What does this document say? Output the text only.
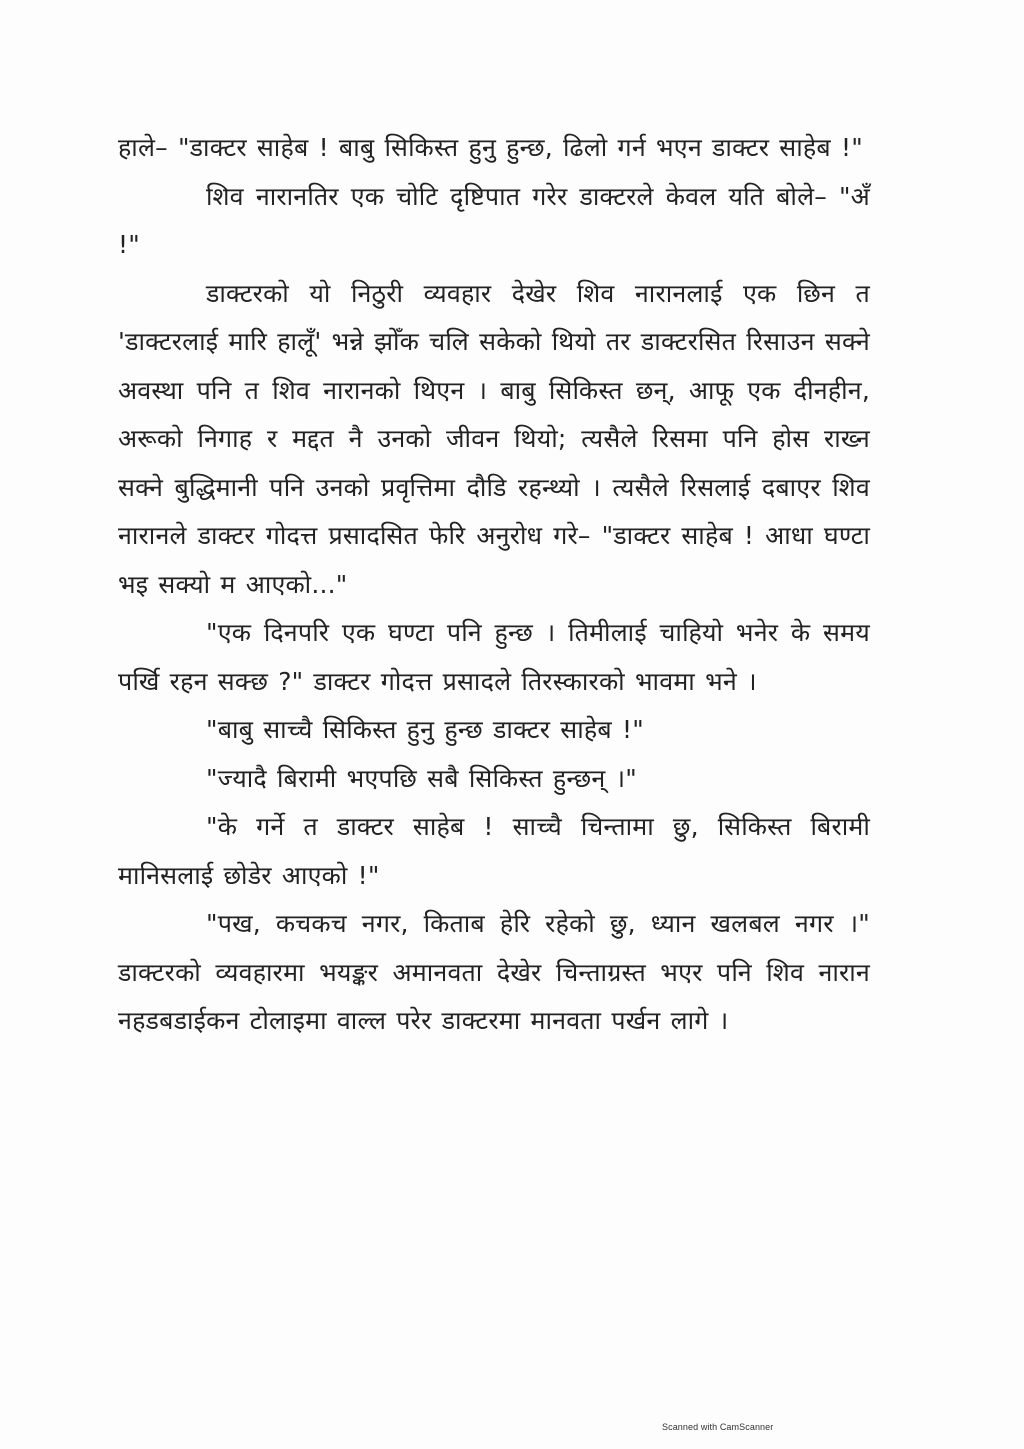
हाले– "डाक्टर साहेब ! बाबु सिकिस्त हुनु हुन्छ, ढिलो गर्न भएन डाक्टर साहेब !"

शिव नारानतिर एक चोटि दृष्टिपात गरेर डाक्टरले केवल यति बोले– "अँ !"

डाक्टरको यो निठुरी व्यवहार देखेर शिव नारानलाई एक छिन त 'डाक्टरलाई मारि हालूँ' भन्ने झोँक चलि सकेको थियो तर डाक्टरसित रिसाउन सक्ने अवस्था पनि त शिव नारानको थिएन । बाबु सिकिस्त छन्, आफू एक दीनहीन, अरूको निगाह र मद्दत नै उनको जीवन थियो; त्यसैले रिसमा पनि होस राख्न सक्ने बुद्धिमानी पनि उनको प्रवृत्तिमा दौडि रहन्थ्यो । त्यसैले रिसलाई दबाएर शिव नारानले डाक्टर गोदत्त प्रसादसित फेरि अनुरोध गरे– "डाक्टर साहेब ! आधा घण्टा भइ सक्यो म आएको..."

"एक दिनपरि एक घण्टा पनि हुन्छ । तिमीलाई चाहियो भनेर के समय पर्खि रहन सक्छ ?" डाक्टर गोदत्त प्रसादले तिरस्कारको भावमा भने ।

"बाबु साच्चै सिकिस्त हुनु हुन्छ डाक्टर साहेब !"

"ज्यादै बिरामी भएपछि सबै सिकिस्त हुन्छन् ।"

"के गर्ने त डाक्टर साहेब ! साच्चै चिन्तामा छु, सिकिस्त बिरामी मानिसलाई छोडेर आएको !"

"पख, कचकच नगर, किताब हेरि रहेको छु, ध्यान खलबल नगर ।" डाक्टरको व्यवहारमा भयङ्कर अमानवता देखेर चिन्ताग्रस्त भएर पनि शिव नारान नहडबडाईकन टोलाइमा वाल्ल परेर डाक्टरमा मानवता पर्खन लागे ।

Scanned with CamScanner
